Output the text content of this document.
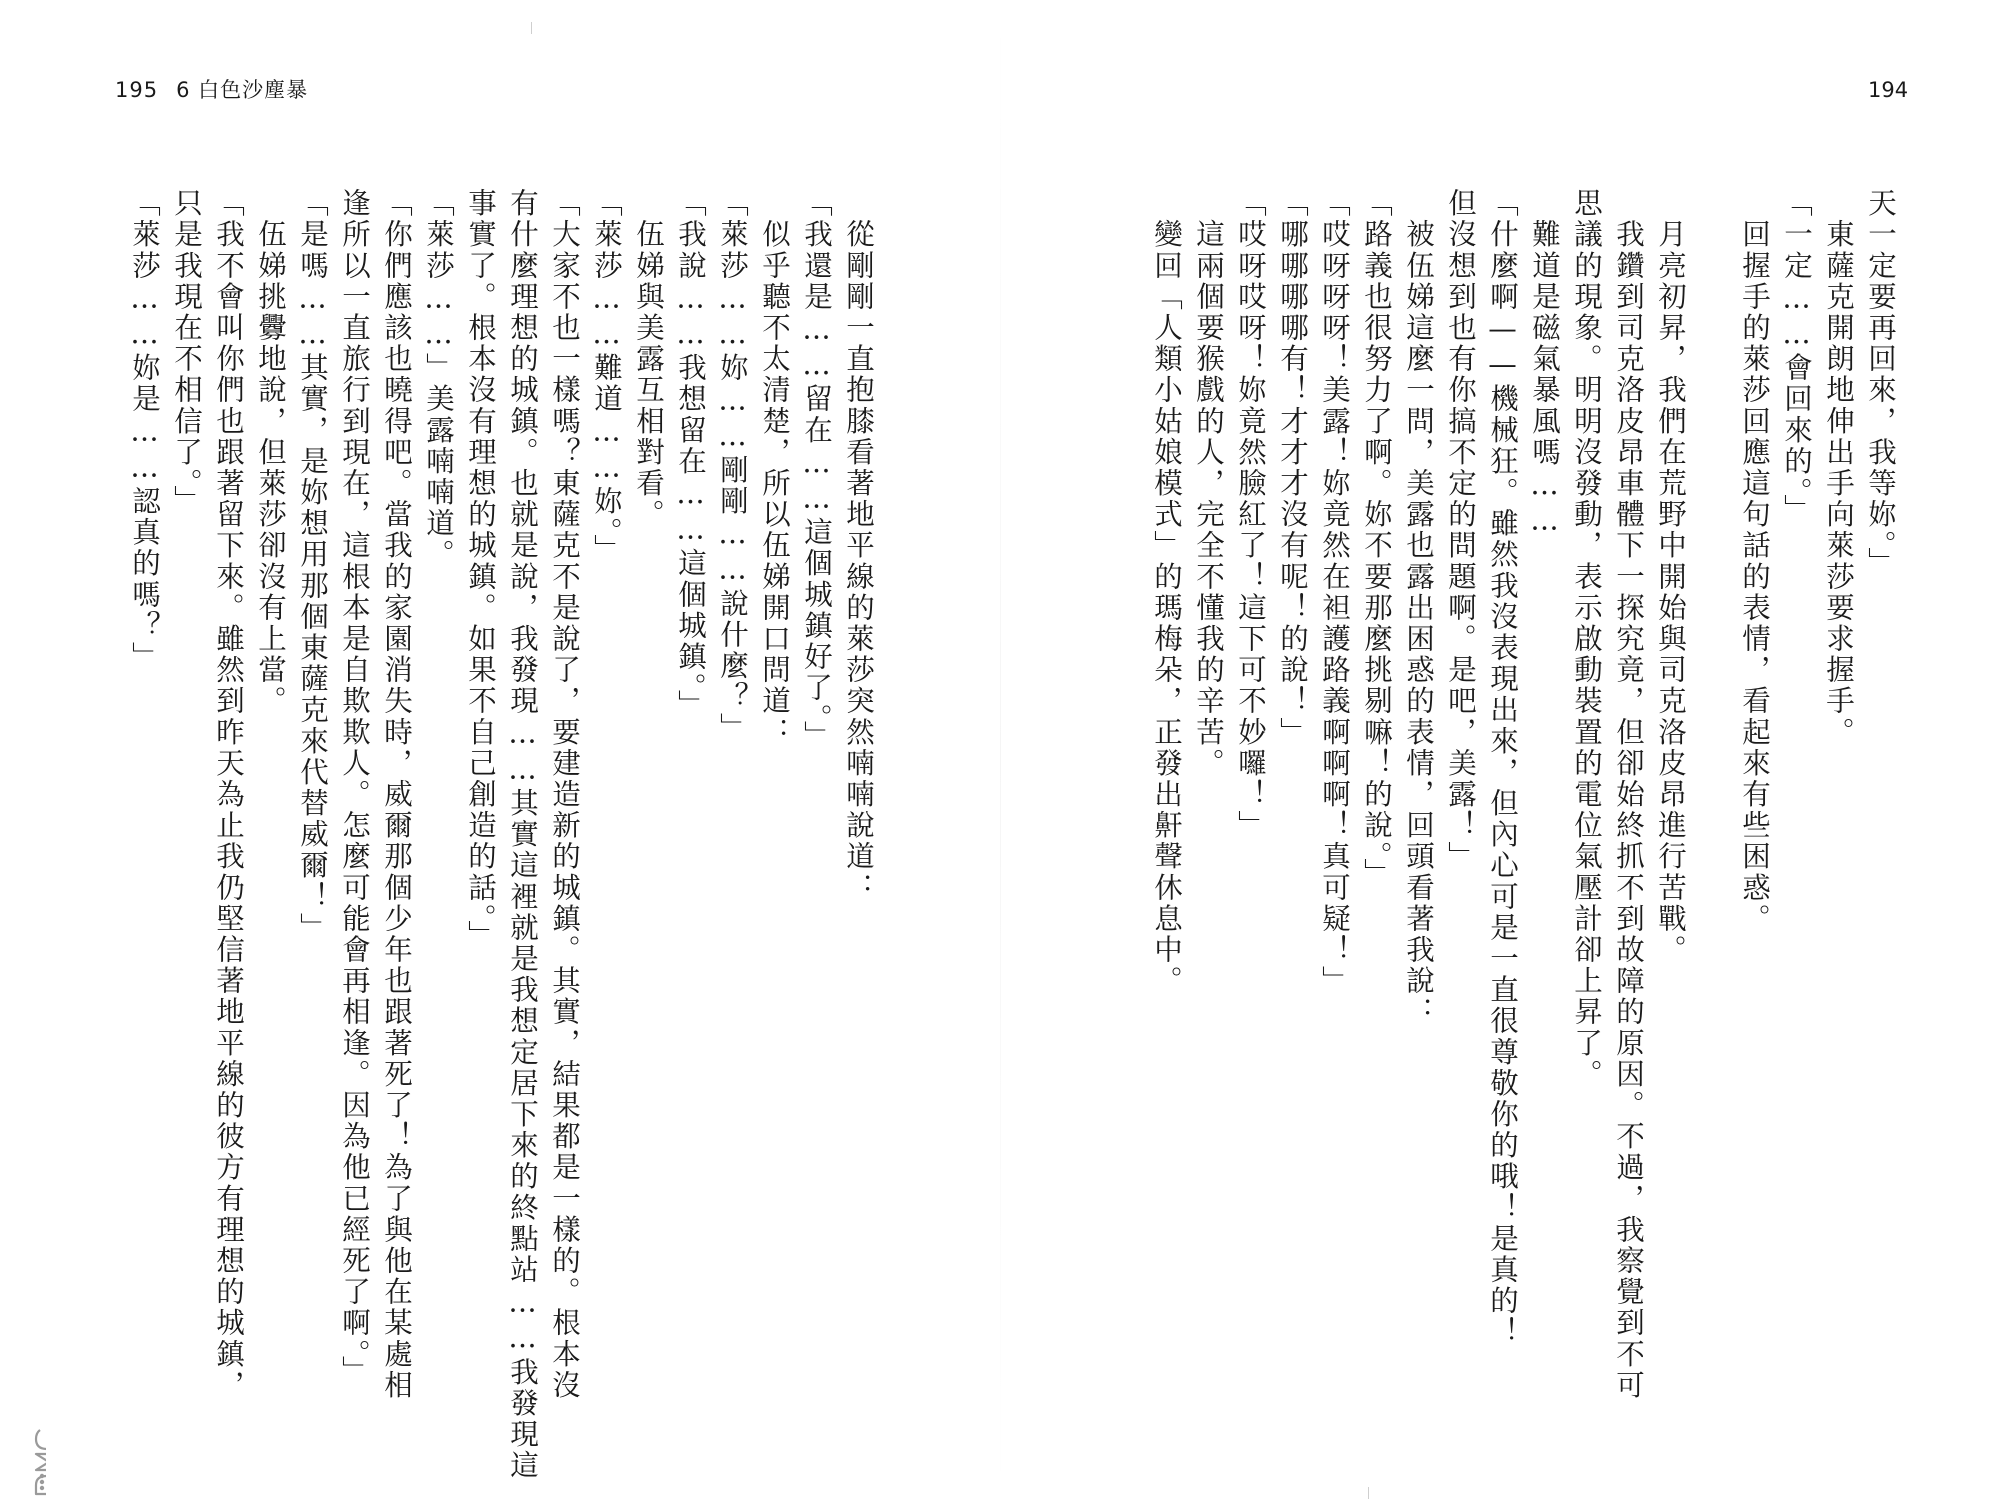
195 6 白色沙塵暴	194
天一定要再回來，我等妳。」
　東薩克開朗地伸出手向萊莎要求握手。
「一定……會回來的。」
　回握手的萊莎回應這句話的表情，看起來有些困惑。
　月亮初昇，我們在荒野中開始與司克洛皮昂進行苦戰。
　我鑽到司克洛皮昂車體下一探究竟，但卻始終抓不到故障的原因。不過，我察覺到不可
思議的現象。明明沒發動，表示啟動裝置的電位氣壓計卻上昇了。
　難道是磁氣暴風嗎……
「什麼啊——機械狂。雖然我沒表現出來，但內心可是一直很尊敬你的哦！是真的！
但沒想到也有你搞不定的問題啊。是吧，美露！」
　被伍娣這麼一問，美露也露出困惑的表情，回頭看著我說：
「路義也很努力了啊。妳不要那麼挑剔嘛！的說。」
「哎呀呀呀！美露！妳竟然在袒護路義啊啊啊！真可疑！」
「哪哪哪哪有！才才才沒有呢！的說！」
「哎呀哎呀！妳竟然臉紅了！這下可不妙囉！」
　這兩個要猴戲的人，完全不懂我的辛苦。
　變回「人類小姑娘模式」的瑪梅朵，正發出鼾聲休息中。
　從剛剛一直抱膝看著地平線的萊莎突然喃喃說道：
「我還是……留在……這個城鎮好了。」
　似乎聽不太清楚，所以伍娣開口問道：
「萊莎……妳……剛剛……說什麼？」
「我說……我想留在……這個城鎮。」
　伍娣與美露互相對看。
「萊莎……難道……妳。」
「大家不也一樣嗎？東薩克不是說了，要建造新的城鎮。其實，結果都是一樣的。根本沒
有什麼理想的城鎮。也就是說，我發現……其實這裡就是我想定居下來的終點站……我發現這
事實了。根本沒有理想的城鎮。如果不自己創造的話。」
「萊莎……」美露喃喃道。
「你們應該也曉得吧。當我的家園消失時，威爾那個少年也跟著死了！為了與他在某處相
逢所以一直旅行到現在，這根本是自欺欺人。怎麼可能會再相逢。因為他已經死了啊。」
「是嗎……其實，是妳想用那個東薩克來代替威爾！」
　伍娣挑釁地說，但萊莎卻沒有上當。
「我不會叫你們也跟著留下來。雖然到昨天為止我仍堅信著地平線的彼方有理想的城鎮，
只是我現在不相信了。」
「萊莎……妳是……認真的嗎？」
